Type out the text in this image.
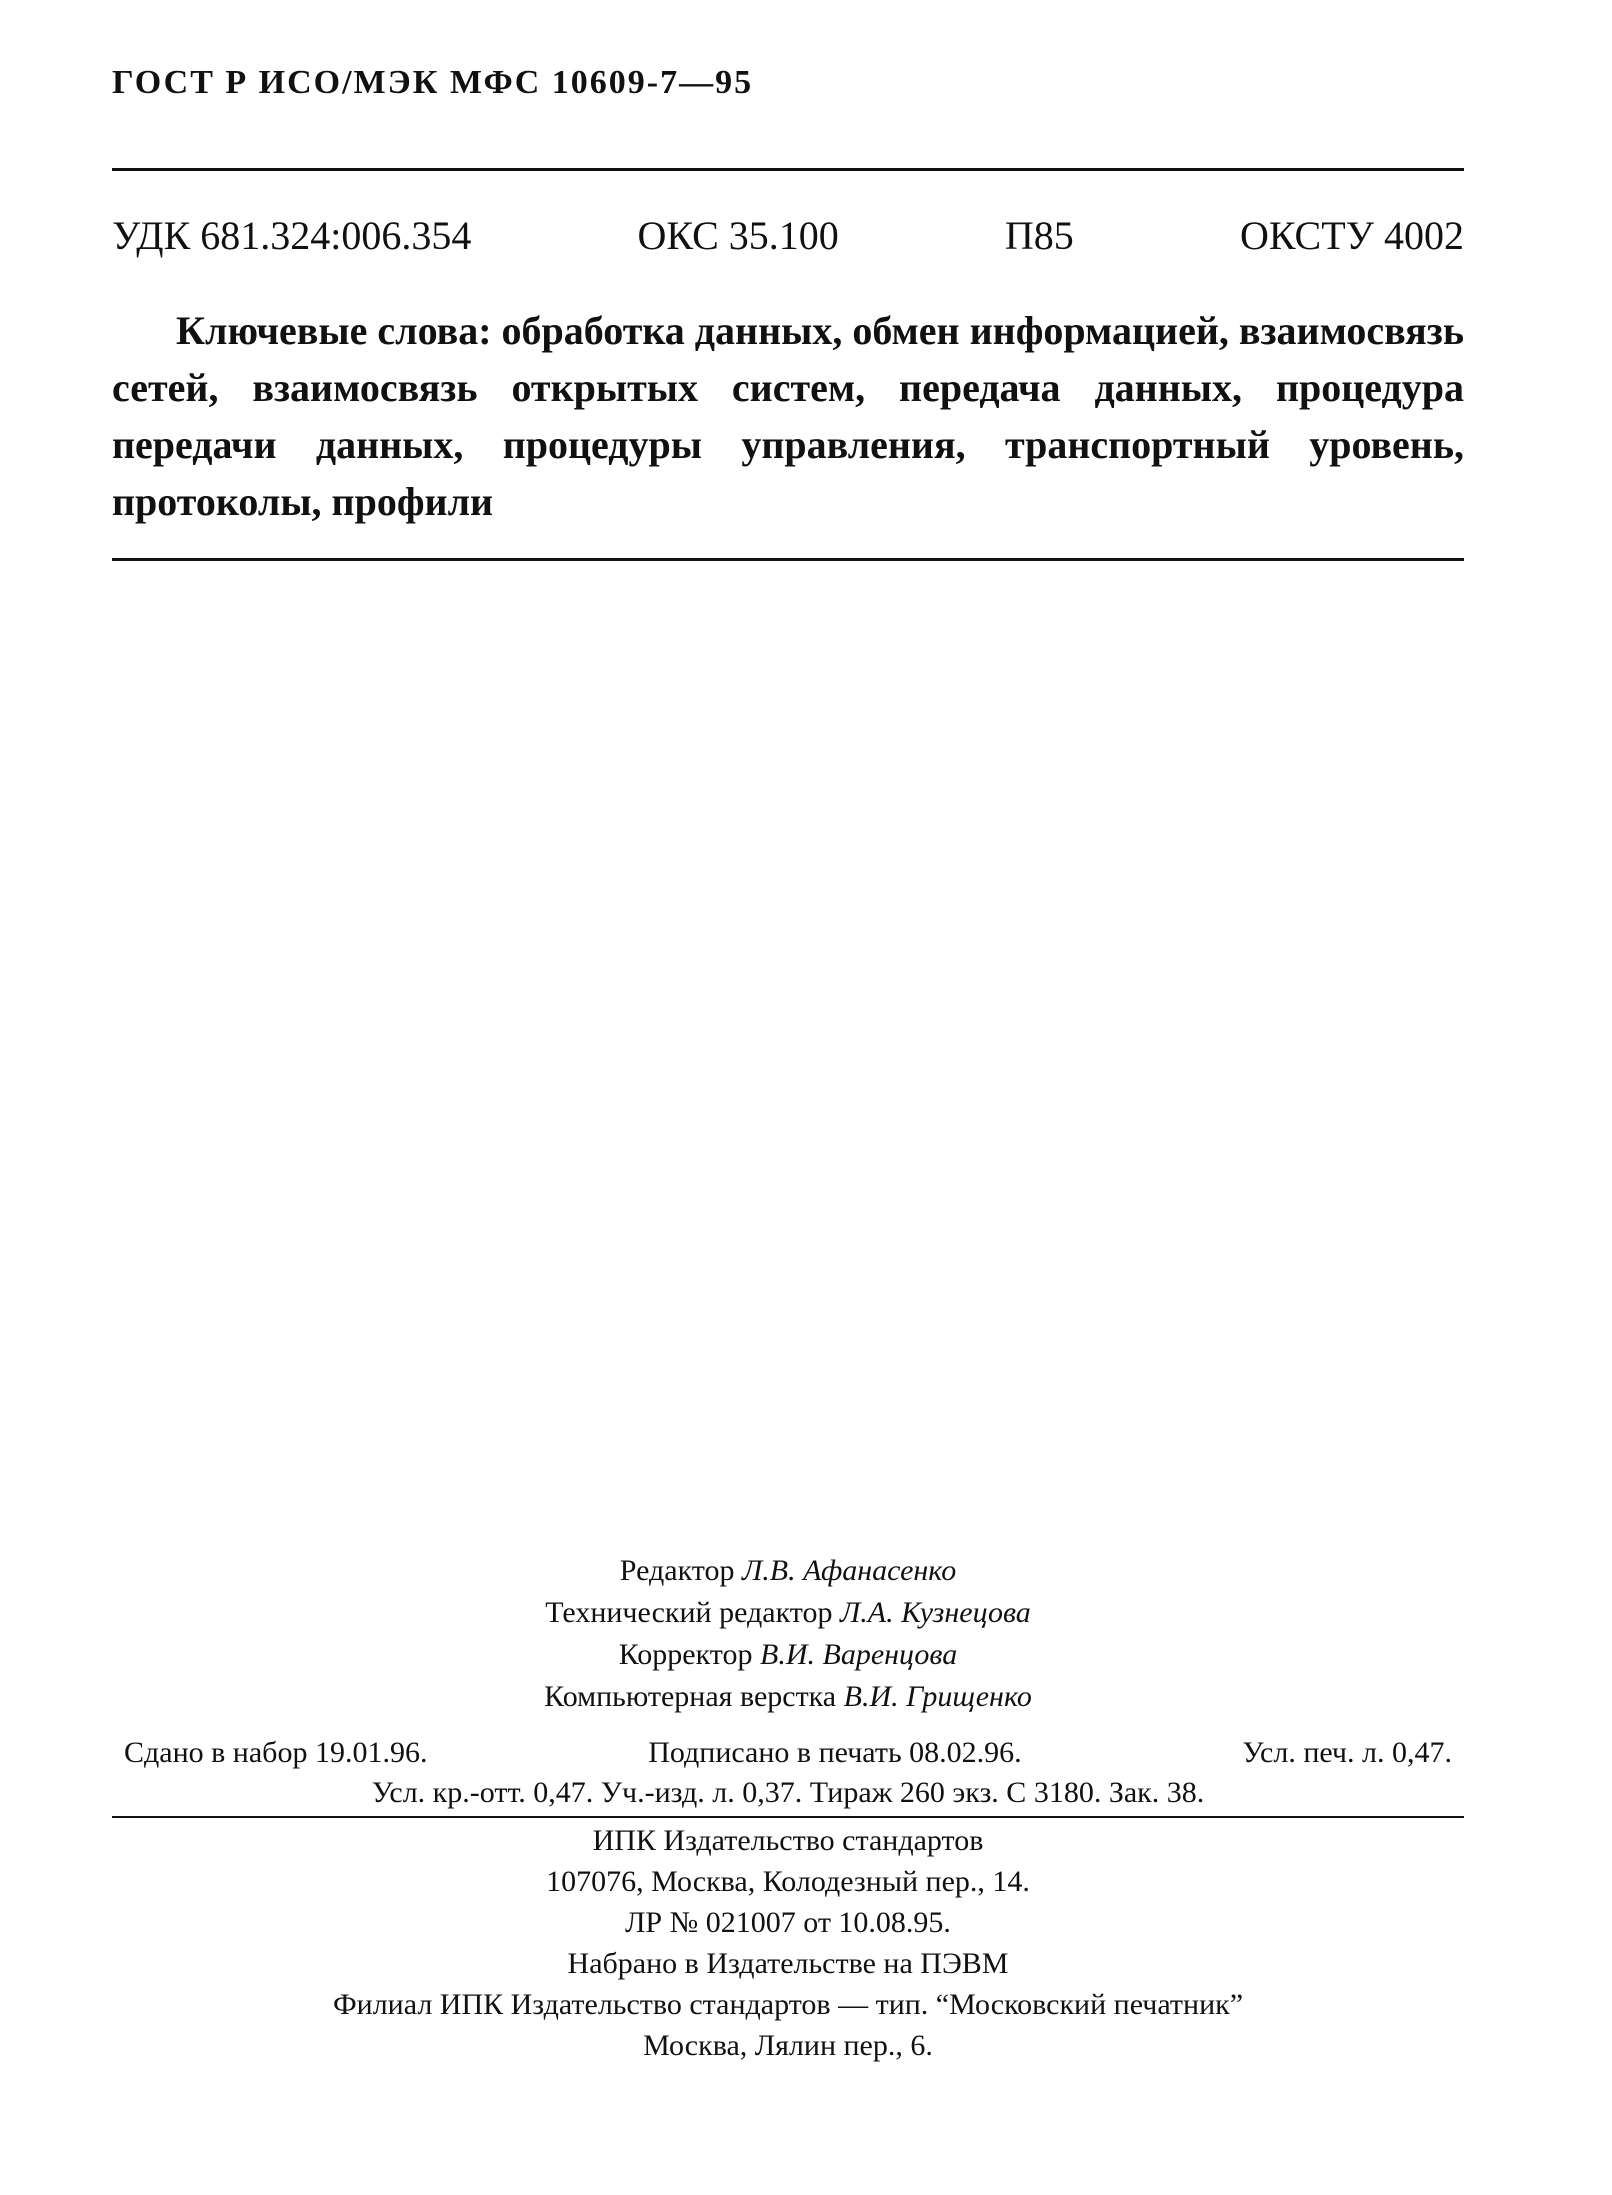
ГОСТ Р ИСО/МЭК МФС 10609-7—95
УДК 681.324:006.354	ОКС 35.100	П85	ОКСТУ 4002

Ключевые слова: обработка данных, обмен информацией, взаимосвязь сетей, взаимосвязь открытых систем, передача данных, процедура передачи данных, процедуры управления, транспортный уровень, протоколы, профили

Редактор Л.В. Афанасенко
Технический редактор Л.А. Кузнецова
Корректор В.И. Варенцова
Компьютерная верстка В.И. Грищенко
Сдано в набор 19.01.96.	Подписано в печать 08.02.96.	Усл. печ. л. 0,47.
Усл. кр.-отт. 0,47. Уч.-изд. л. 0,37. Тираж 260 экз. С 3180. Зак. 38.
ИПК Издательство стандартов
107076, Москва, Колодезный пер., 14.
ЛР № 021007 от 10.08.95.
Набрано в Издательстве на ПЭВМ
Филиал ИПК Издательство стандартов — тип. “Московский печатник”
Москва, Лялин пер., 6.
